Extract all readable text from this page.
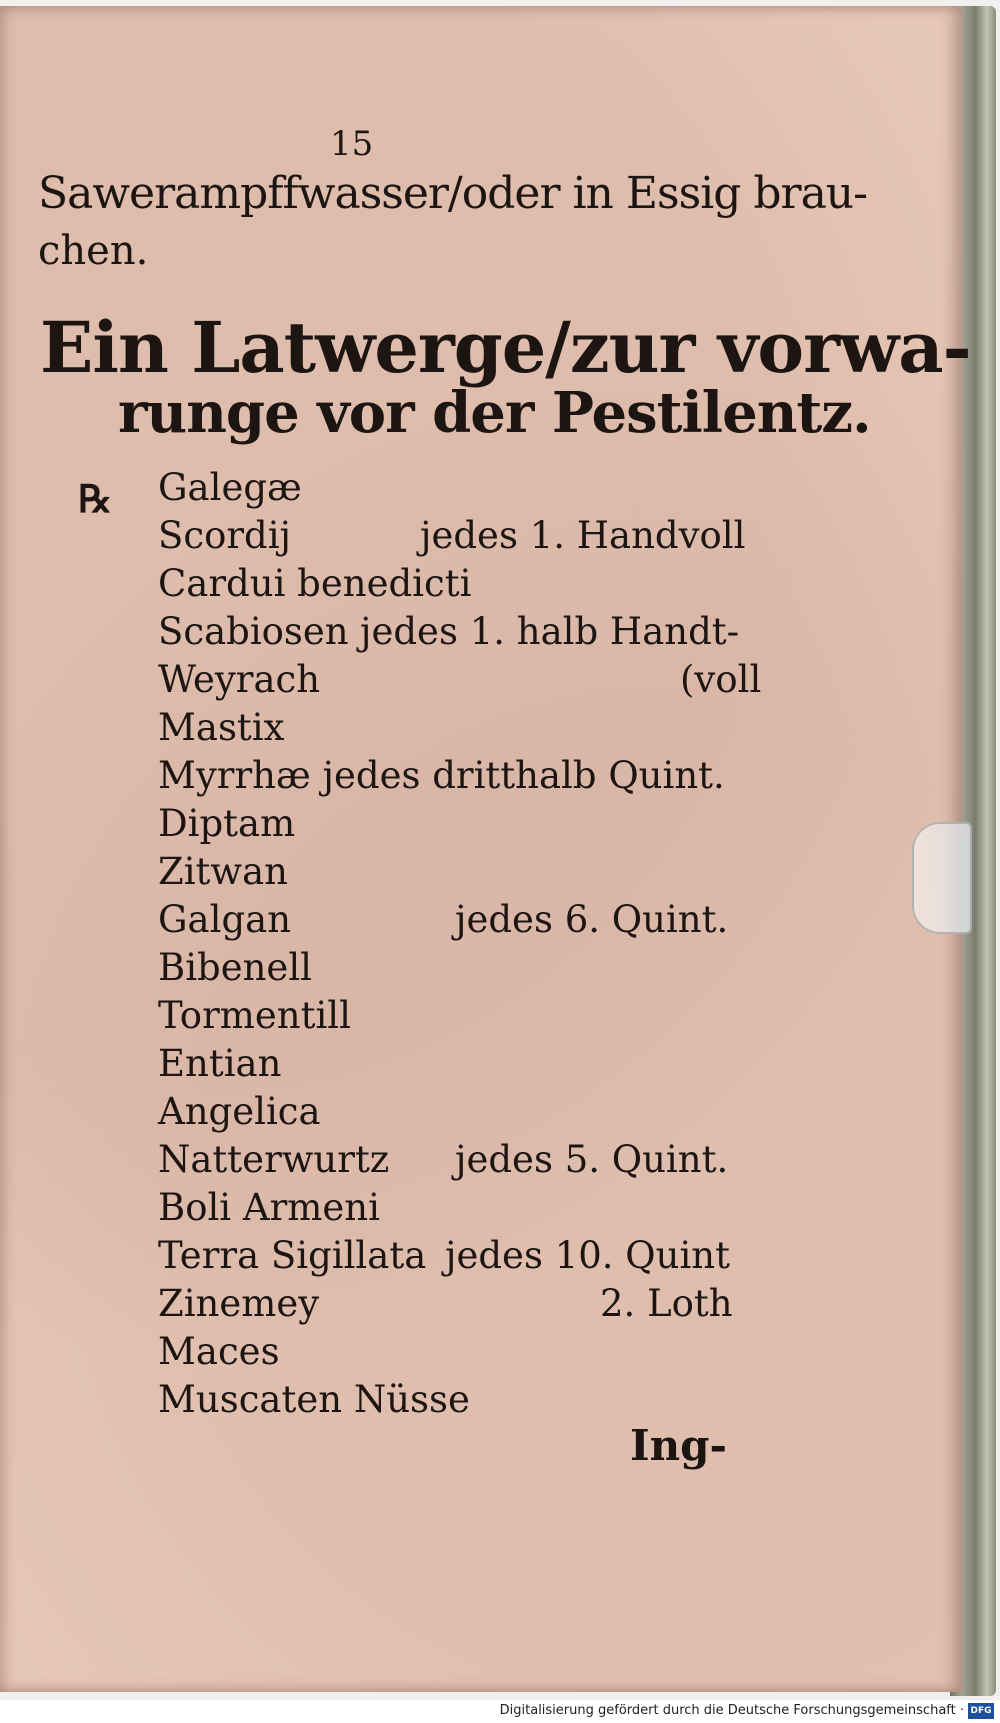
15
Sawerampffwasser/oder in Essig brau-
chen.
Ein Latwerge/zur vorwa-
runge vor der Pestilentz.
℞ Galegæ
Scordij
Cardui benedicti
Scabiosen
Weyrach
Mastix
Myrrhæ jedes dritthalb Quint.
Diptam
Zitwan
Galgan
Bibenell
Tormentill
Entian
Angelica
Natterwurtz
Boli Armeni
Terra Sigillata
Zinemey
Maces
Muscaten Nüsse
jedes 1. Handvoll
jedes 1. halb Handt-
(voll
jedes 6. Quint.
jedes 5. Quint.
jedes 10. Quint
2. Loth
Ing-
Digitalisierung gefördert durch die Deutsche Forschungsgemeinschaft · DFG
